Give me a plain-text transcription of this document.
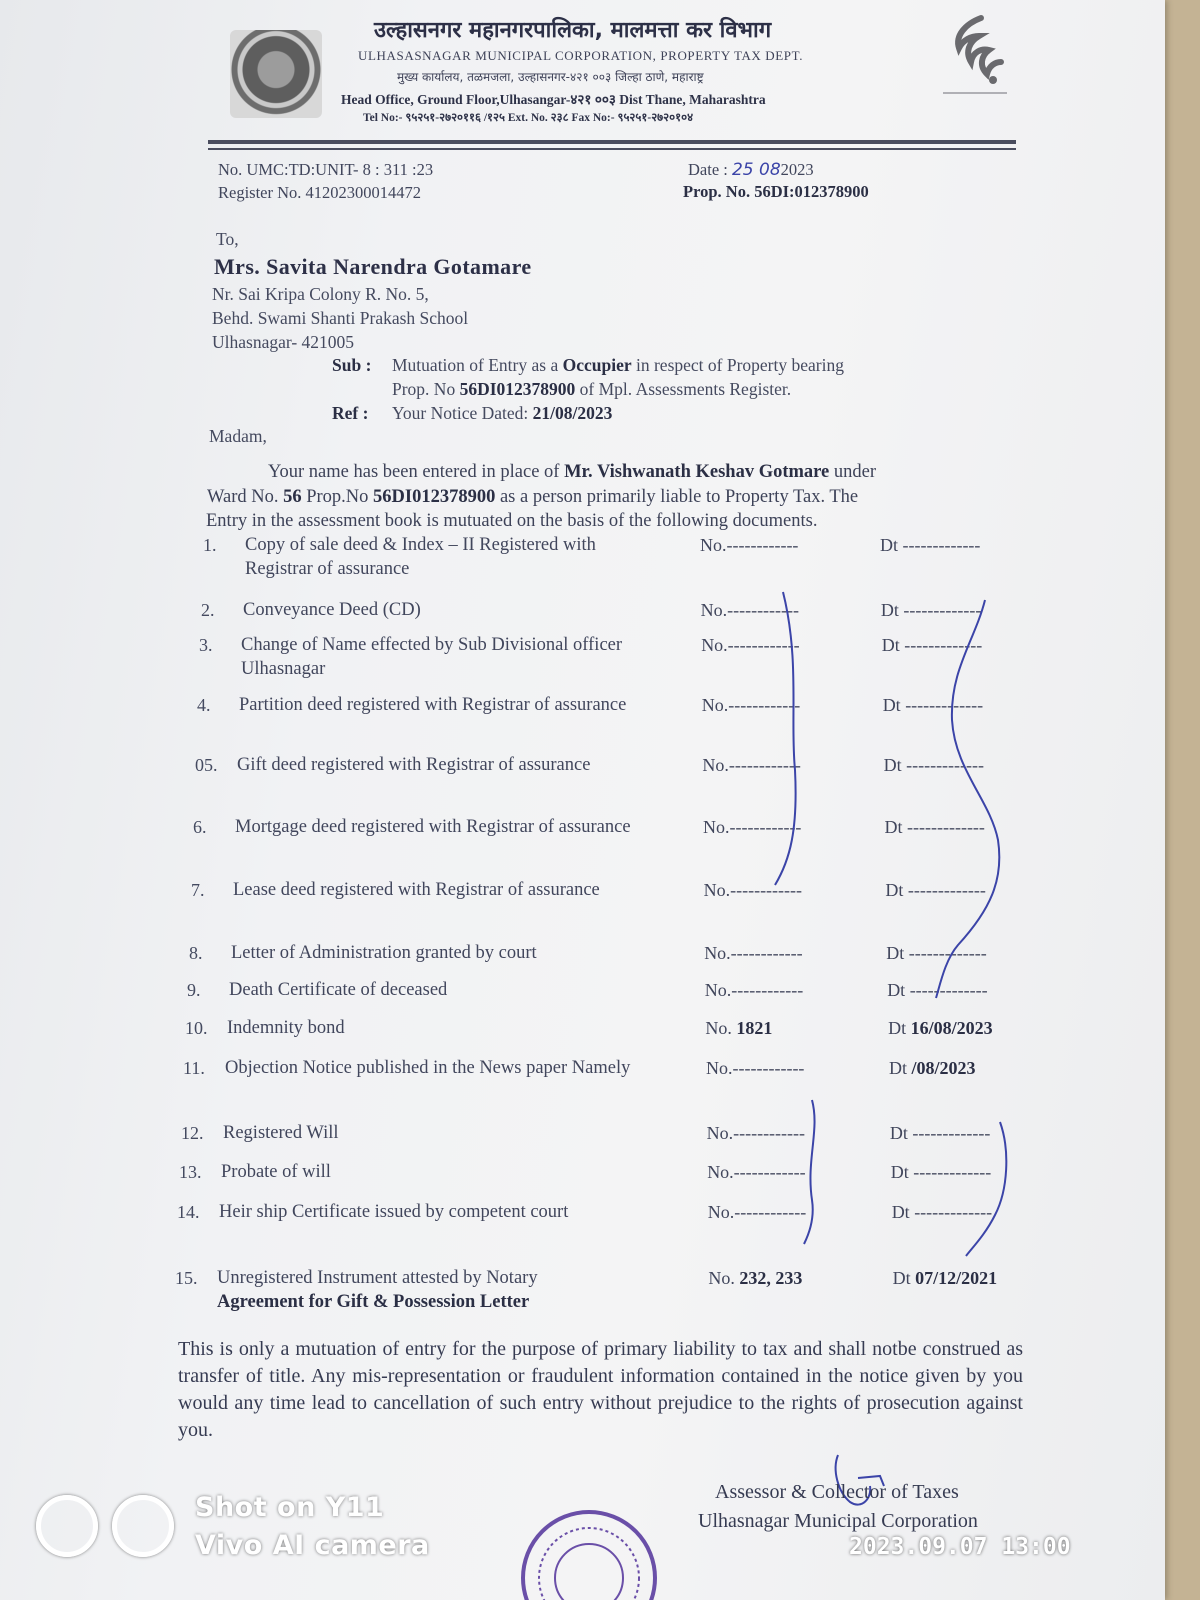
उल्हासनगर महानगरपालिका, मालमत्ता कर विभाग
ULHASASNAGAR MUNICIPAL CORPORATION, PROPERTY TAX DEPT.
मुख्य कार्यालय, तळमजला, उल्हासनगर-४२१ ००३ जिल्हा ठाणे, महाराष्ट्र
Head Office, Ground Floor,Ulhasangar-४२१ ००३ Dist Thane, Maharashtra
Tel No:- ९५२५१-२७२०११६ /१२५ Ext. No. २३८ Fax No:- ९५२५१-२७२०१०४
No. UMC:TD:UNIT- 8 : 311 :23
Register No. 41202300014472
Date : 25 082023
Prop. No. 56DI:012378900
To,
Mrs. Savita Narendra Gotamare
Nr. Sai Kripa Colony R. No. 5,
Behd. Swami Shanti Prakash School
Ulhasnagar- 421005
Sub : Mutuation of Entry as a Occupier in respect of Property bearing
Prop. No 56DI012378900 of Mpl. Assessments Register.
Ref : Your Notice Dated: 21/08/2023
Madam,
Your name has been entered in place of Mr. Vishwanath Keshav Gotmare under
Ward No. 56 Prop.No 56DI012378900 as a person primarily liable to Property Tax. The
Entry in the assessment book is mutuated on the basis of the following documents.
1. Copy of sale deed & Index – II Registered with Registrar of assurance
No.------------	Dt -------------
2. Conveyance Deed (CD)	No.------------	Dt -------------
3. Change of Name effected by Sub Divisional officer Ulhasnagar
No.------------	Dt -------------
4. Partition deed registered with Registrar of assurance	No.------------	Dt -------------
05. Gift deed registered with Registrar of assurance	No.------------	Dt -------------
6. Mortgage deed registered with Registrar of assurance	No.------------	Dt -------------
7. Lease deed registered with Registrar of assurance	No.------------	Dt -------------
8. Letter of Administration granted by court	No.------------	Dt -------------
9. Death Certificate of deceased	No.------------	Dt -------------
10. Indemnity bond	No. 1821	Dt 16/08/2023
11. Objection Notice published in the News paper Namely	No.------------	Dt /08/2023
12. Registered Will	No.------------	Dt -------------
13. Probate of will	No.------------	Dt -------------
14. Heir ship Certificate issued by competent court	No.------------	Dt -------------
15. Unregistered Instrument attested by Notary
Agreement for Gift & Possession Letter
No. 232, 233	Dt 07/12/2021
This is only a mutuation of entry for the purpose of primary liability to tax and shall notbe construed as transfer of title. Any mis-representation or fraudulent information contained in the notice given by you would any time lead to cancellation of such entry without prejudice to the rights of prosecution against you.
Assessor & Collector of Taxes
Ulhasnagar Municipal Corporation
Shot on Y11
Vivo AI camera	2023.09.07 13:00
